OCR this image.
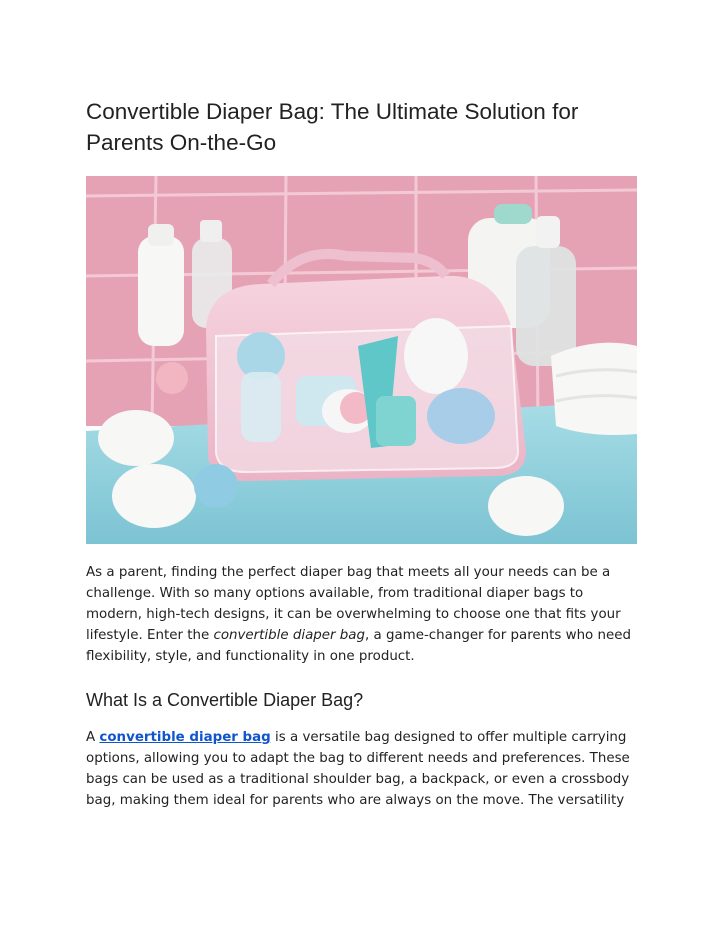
Convertible Diaper Bag: The Ultimate Solution for Parents On-the-Go

As a parent, finding the perfect diaper bag that meets all your needs can be a challenge. With so many options available, from traditional diaper bags to modern, high-tech designs, it can be overwhelming to choose one that fits your lifestyle. Enter the convertible diaper bag, a game-changer for parents who need flexibility, style, and functionality in one product.

What Is a Convertible Diaper Bag?

A convertible diaper bag is a versatile bag designed to offer multiple carrying options, allowing you to adapt the bag to different needs and preferences. These bags can be used as a traditional shoulder bag, a backpack, or even a crossbody bag, making them ideal for parents who are always on the move. The versatility
